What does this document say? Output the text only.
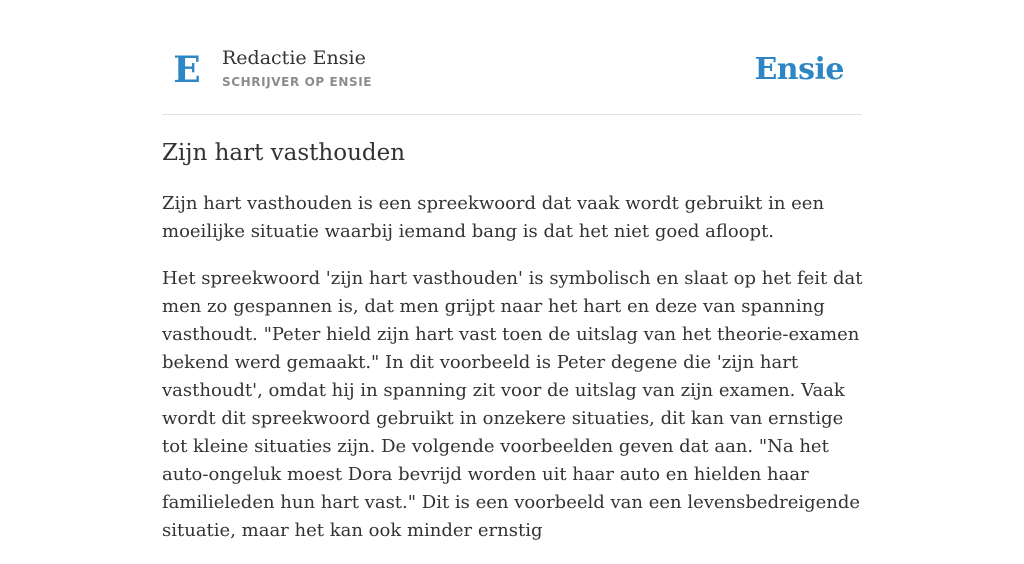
E Redactie Ensie
SCHRIJVER OP ENSIE	Ensie
Zijn hart vasthouden

Zijn hart vasthouden is een spreekwoord dat vaak wordt gebruikt in een moeilijke situatie waarbij iemand bang is dat het niet goed afloopt.

Het spreekwoord 'zijn hart vasthouden' is symbolisch en slaat op het feit dat men zo gespannen is, dat men grijpt naar het hart en deze van spanning vasthoudt. "Peter hield zijn hart vast toen de uitslag van het theorie-examen bekend werd gemaakt." In dit voorbeeld is Peter degene die 'zijn hart vasthoudt', omdat hij in spanning zit voor de uitslag van zijn examen. Vaak wordt dit spreekwoord gebruikt in onzekere situaties, dit kan van ernstige tot kleine situaties zijn. De volgende voorbeelden geven dat aan. "Na het auto-ongeluk moest Dora bevrijd worden uit haar auto en hielden haar familieleden hun hart vast." Dit is een voorbeeld van een levensbedreigende situatie, maar het kan ook minder ernstig
